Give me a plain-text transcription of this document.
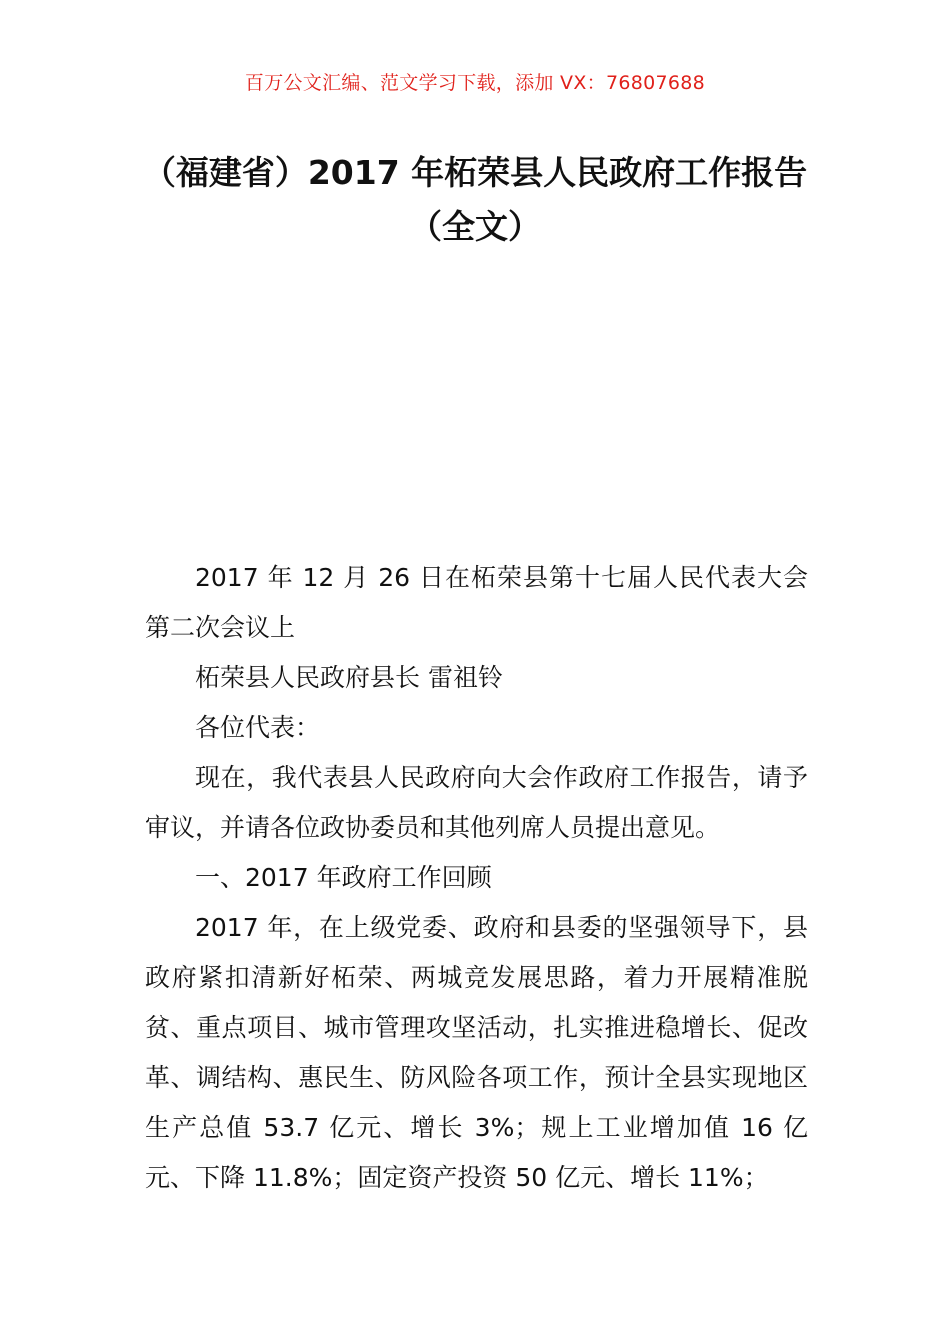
百万公文汇编、范文学习下载，添加 VX：76807688
（福建省）2017 年柘荣县人民政府工作报告（全文）

2017 年 12 月 26 日在柘荣县第十七届人民代表大会第二次会议上

柘荣县人民政府县长 雷祖铃

各位代表：

现在，我代表县人民政府向大会作政府工作报告，请予审议，并请各位政协委员和其他列席人员提出意见。

一、2017 年政府工作回顾

2017 年，在上级党委、政府和县委的坚强领导下，县政府紧扣清新好柘荣、两城竞发展思路，着力开展精准脱贫、重点项目、城市管理攻坚活动，扎实推进稳增长、促改革、调结构、惠民生、防风险各项工作，预计全县实现地区生产总值 53.7 亿元、增长 3%；规上工业增加值 16 亿元、下降 11.8%；固定资产投资 50 亿元、增长 11%；
